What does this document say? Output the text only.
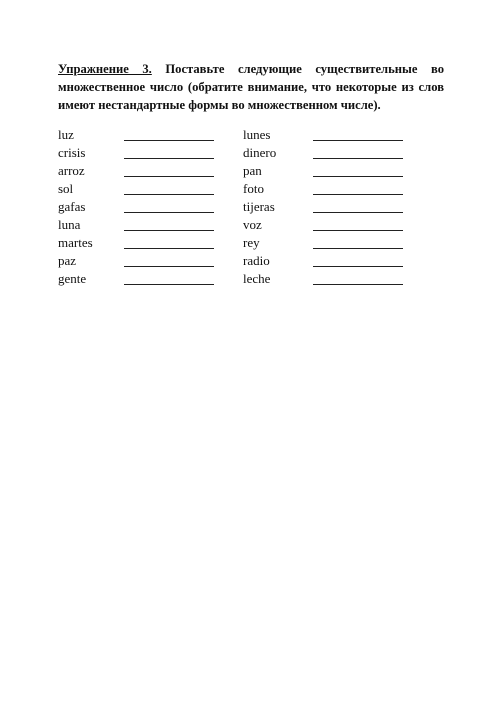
Упражнение 3. Поставьте следующие существительные во множественное число (обратите внимание, что некоторые из слов имеют нестандартные формы во множественном числе).
luz
crisis
arroz
sol
gafas
luna
martes
paz
gente
lunes
dinero
pan
foto
tijeras
voz
rey
radio
leche
